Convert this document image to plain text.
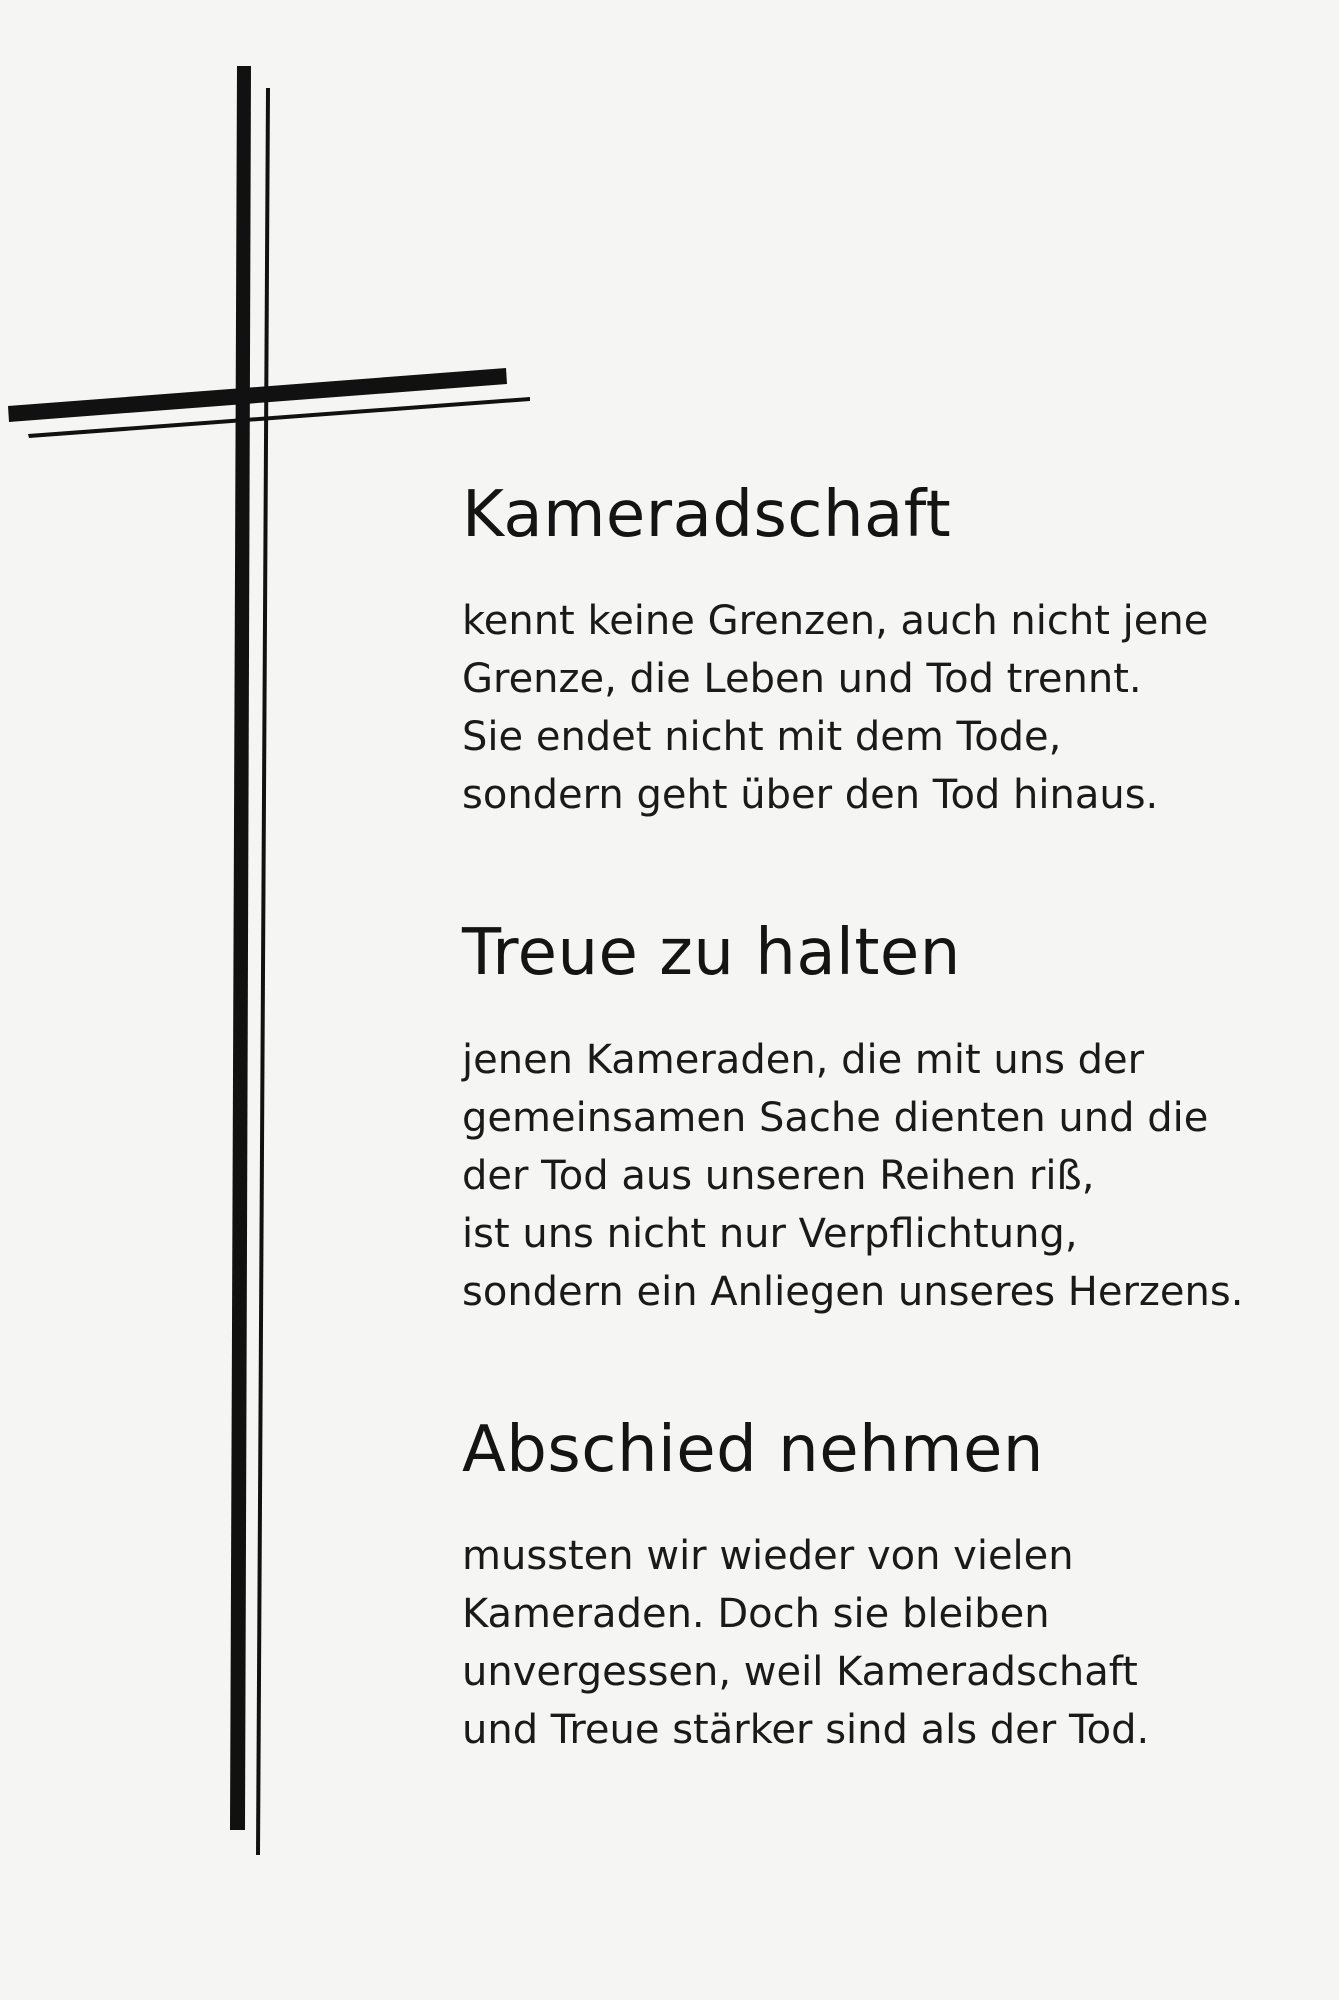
Kameradschaft
kennt keine Grenzen, auch nicht jene
Grenze, die Leben und Tod trennt.
Sie endet nicht mit dem Tode,
sondern geht über den Tod hinaus.
Treue zu halten
jenen Kameraden, die mit uns der
gemeinsamen Sache dienten und die
der Tod aus unseren Reihen riß,
ist uns nicht nur Verpflichtung,
sondern ein Anliegen unseres Herzens.
Abschied nehmen
mussten wir wieder von vielen
Kameraden. Doch sie bleiben
unvergessen, weil Kameradschaft
und Treue stärker sind als der Tod.
